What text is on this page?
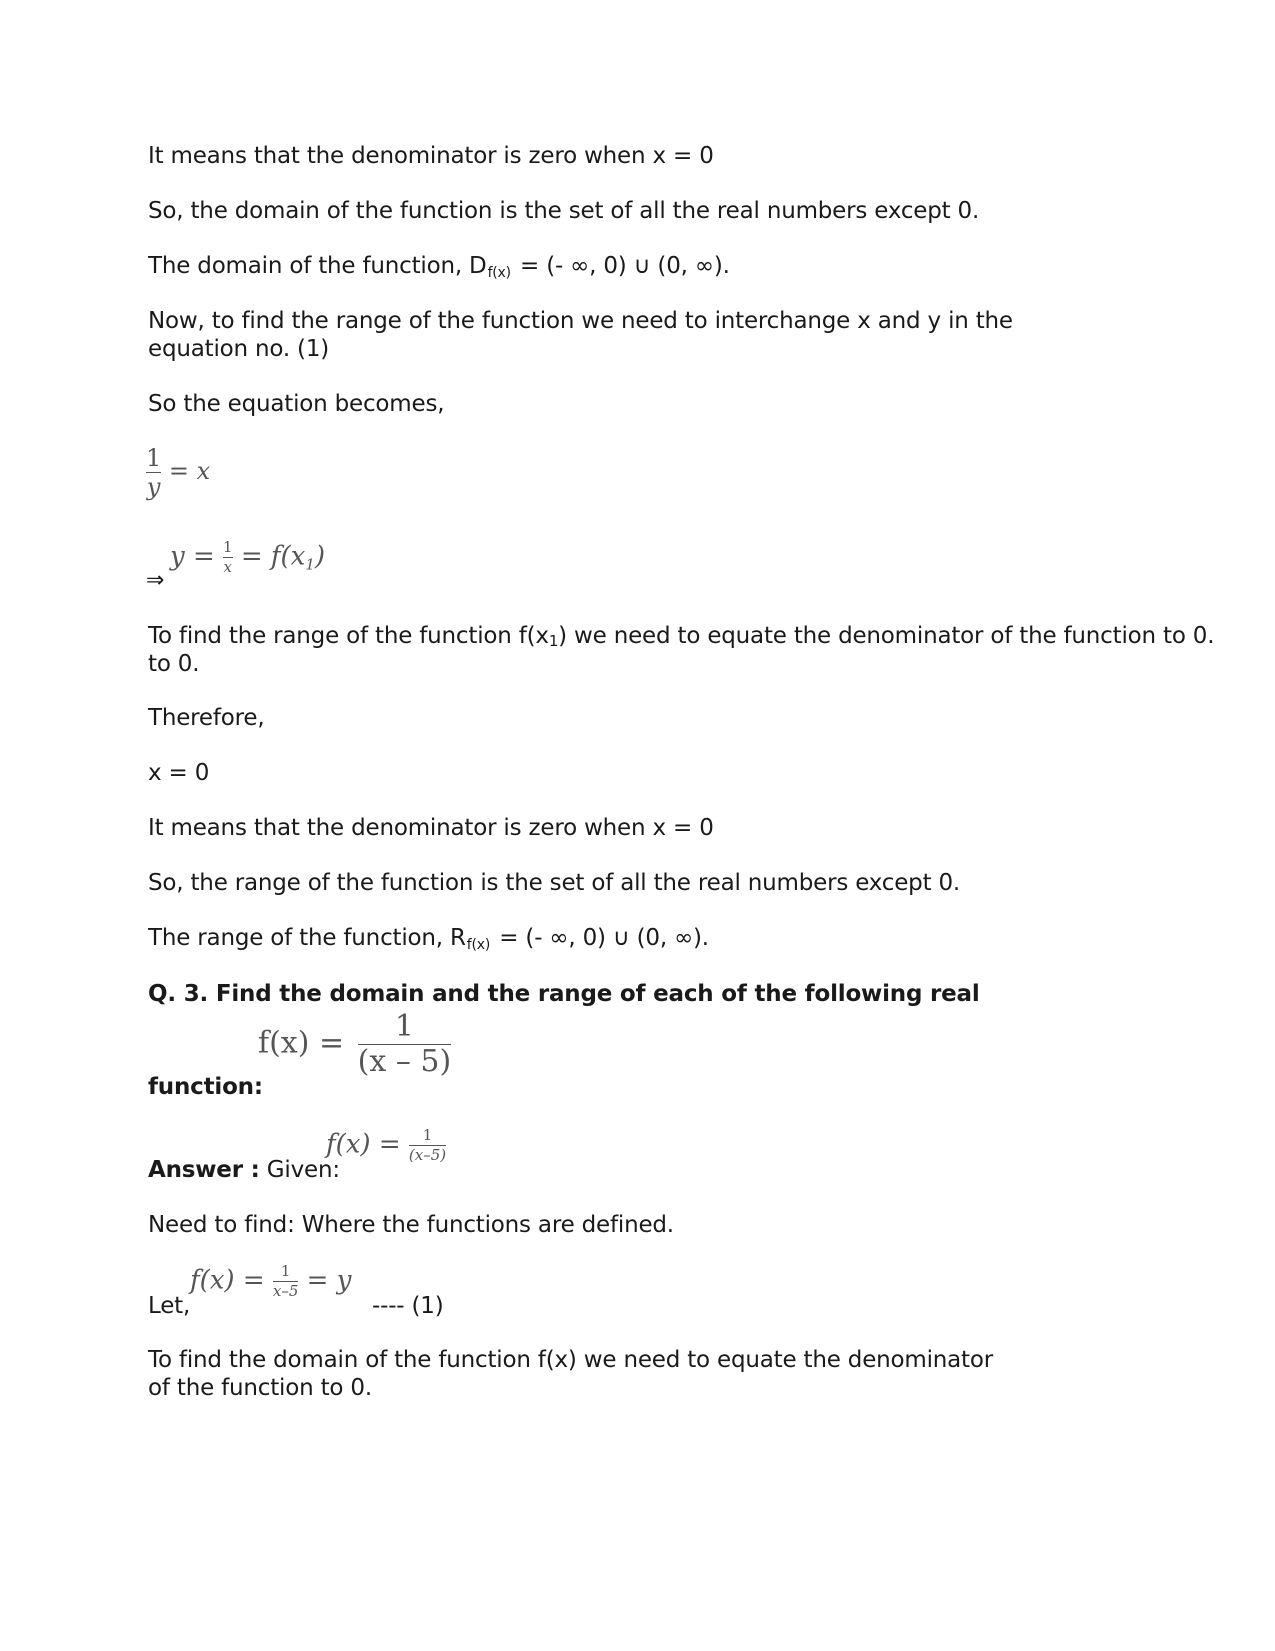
It means that the denominator is zero when x = 0
So, the domain of the function is the set of all the real numbers except 0.
The domain of the function, $D_{f(x)}$ = (- ∞, 0) ∪ (0, ∞).
Now, to find the range of the function we need to interchange x and y in the equation no. (1)
So the equation becomes,
$\frac{1}{y} = x$
⇒
$y = \frac{1}{x} = f(x1)$
To find the range of the function f(x1) we need to equate the denominator of the function to 0.
to 0.
Therefore,
x = 0
It means that the denominator is zero when x = 0
So, the range of the function is the set of all the real numbers except 0.
The range of the function, $R_{f(x)}$ = (- ∞, 0) ∪ (0, ∞).
Q. 3. Find the domain and the range of each of the following real
$f(x) = \frac{1}{(x - 5)}$
function:
Answer : Given:
$f(x) = \frac{1}{(x-5)}$
Need to find: Where the functions are defined.
Let,
$f(x) = \frac{1}{x-5} = y$
---- (1)
To find the domain of the function f(x) we need to equate the denominator of the function to 0.
